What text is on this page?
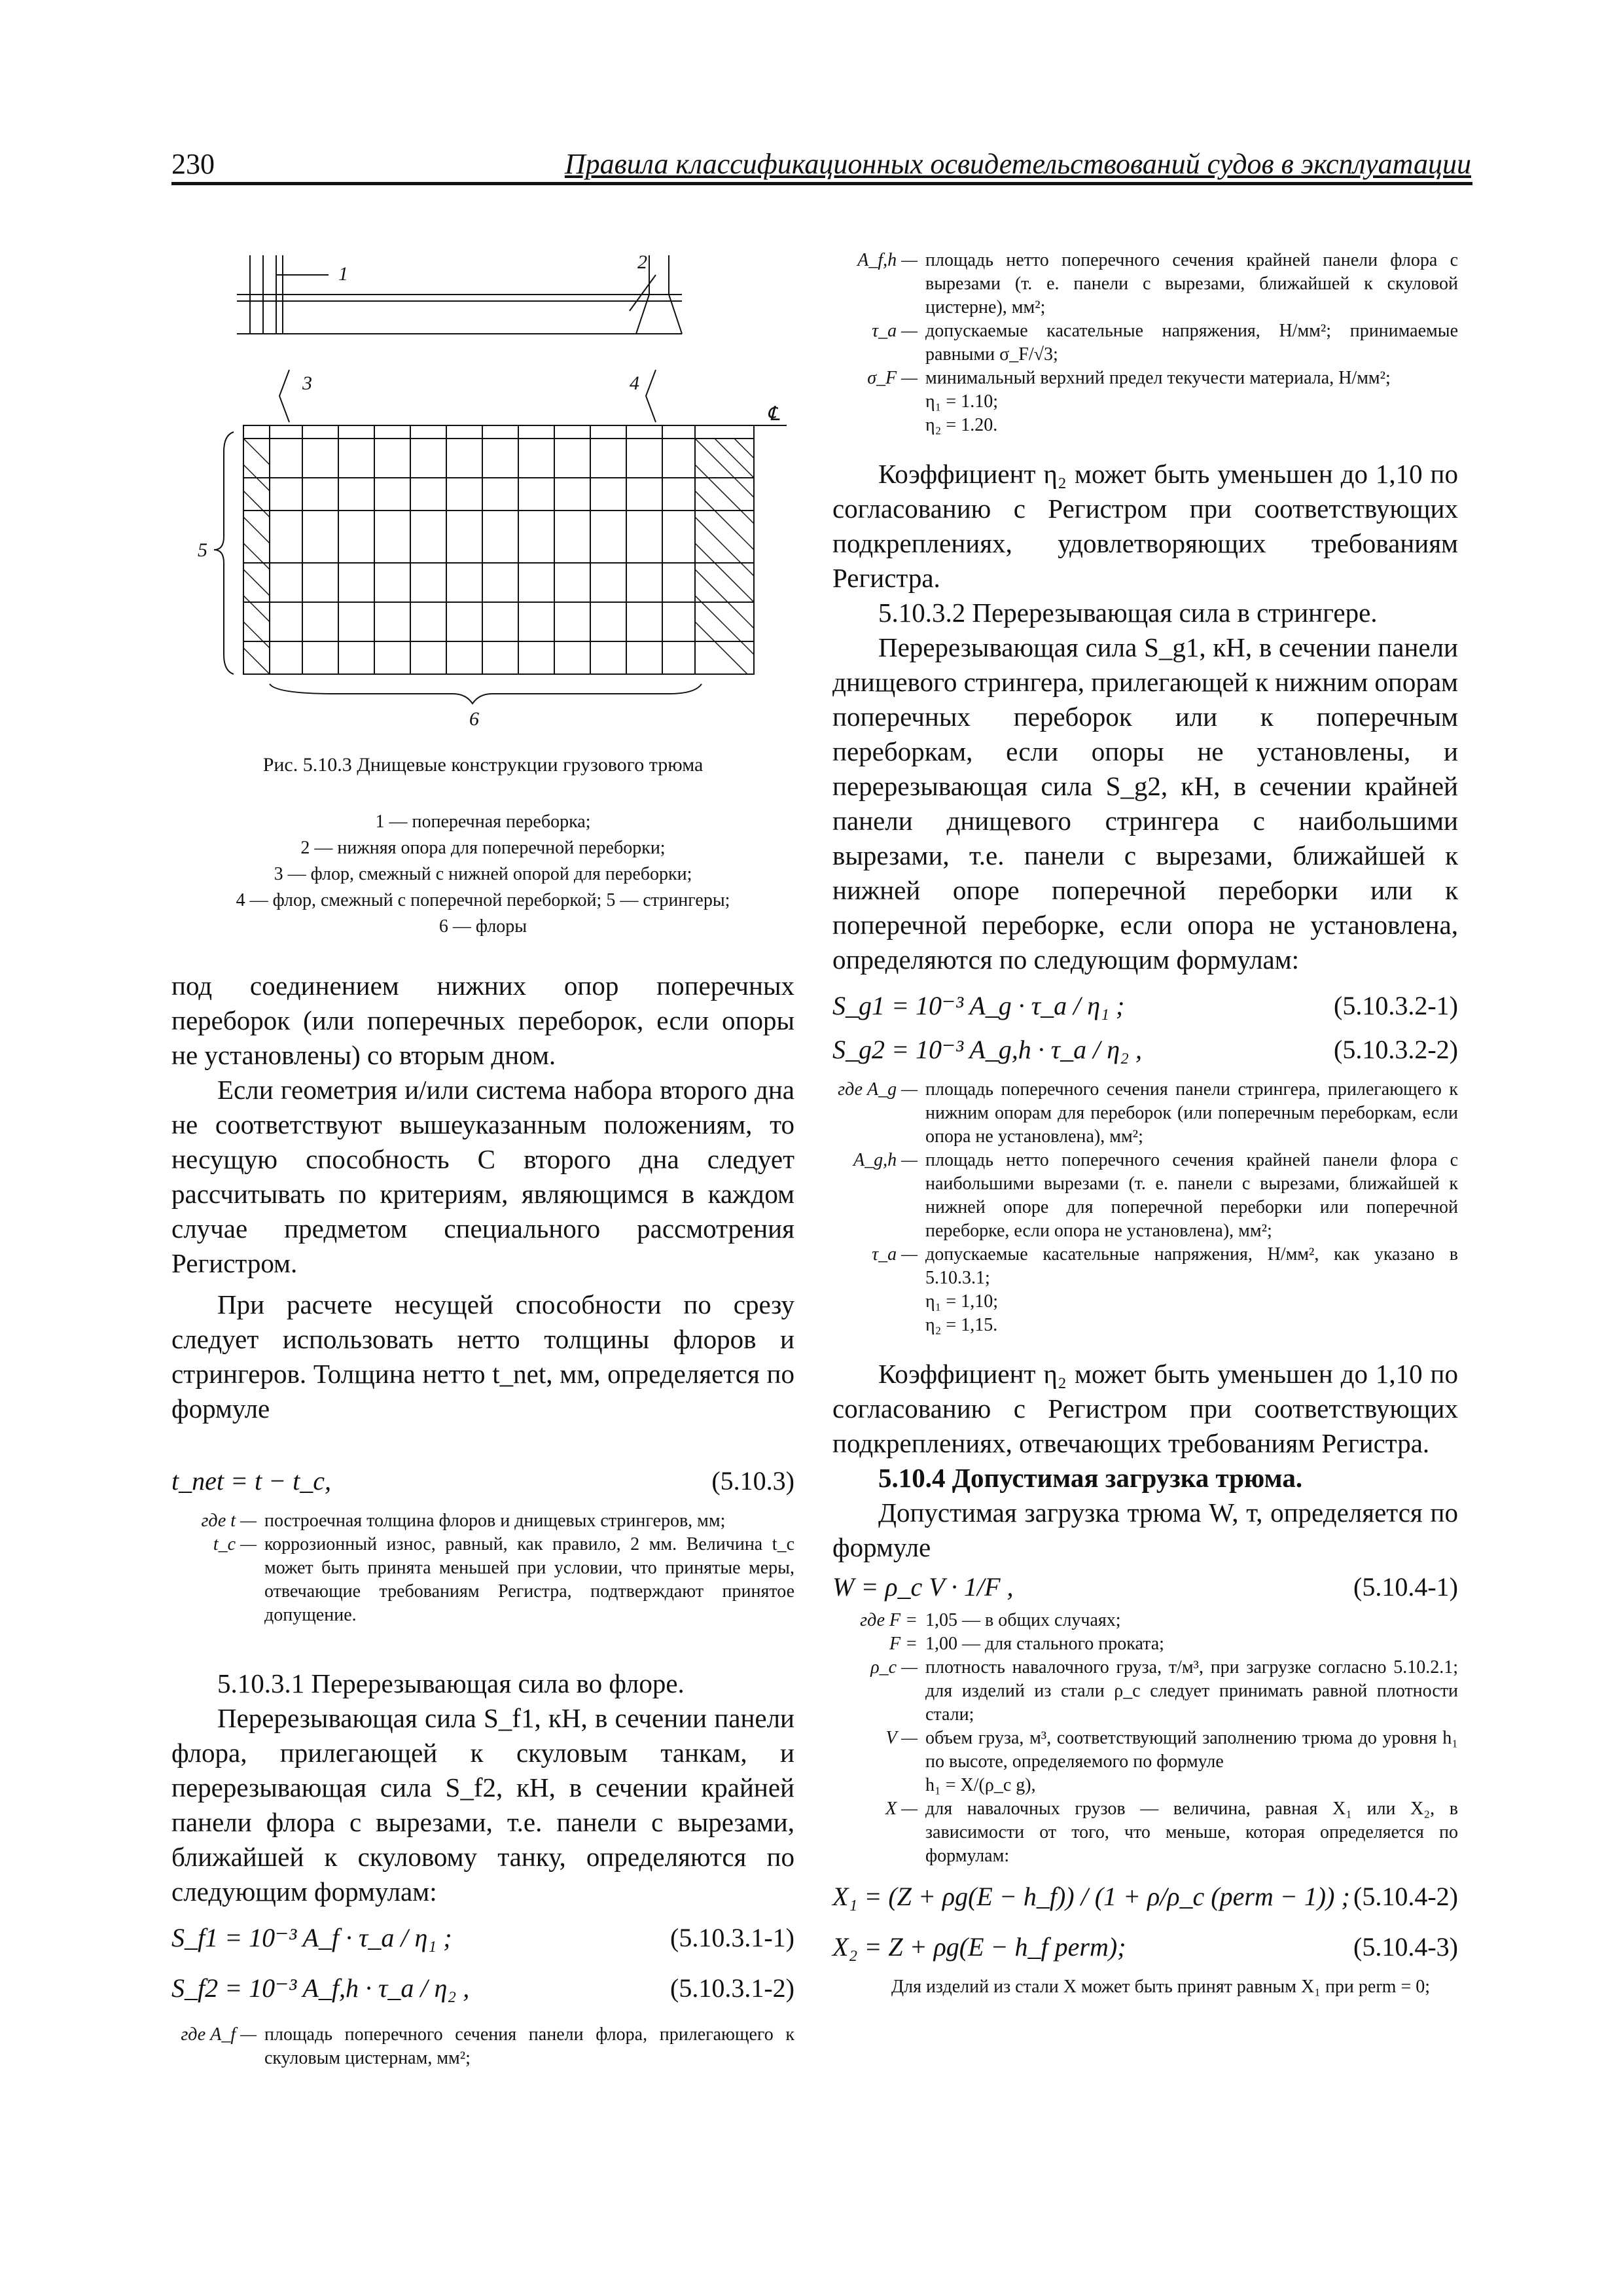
230	Правила классификационных освидетельствований судов в эксплуатации
1
2
3	4
5
6
℄
Рис. 5.10.3 Днищевые конструкции грузового трюма
1 — поперечная переборка;
2 — нижняя опора для поперечной переборки;
3 — флор, смежный с нижней опорой для переборки;
4 — флор, смежный с поперечной переборкой; 5 — стрингеры;
6 — флоры

под соединением нижних опор поперечных переборок (или поперечных переборок, если опоры не установлены) со вторым дном.

Если геометрия и/или система набора второго дна не соответствуют вышеуказанным положениям, то несущую способность C второго дна следует рассчитывать по критериям, являющимся в каждом случае предметом специального рассмотрения Регистром.

При расчете несущей способности по срезу следует использовать нетто толщины флоров и стрингеров. Толщина нетто t_net, мм, определяется по формуле

t_net = t − t_c,	(5.10.3)
где t — построечная толщина флоров и днищевых стрингеров, мм;
t_c — коррозионный износ, равный, как правило, 2 мм. Величина t_c может быть принята меньшей при условии, что принятые меры, отвечающие требованиям Регистра, подтверждают принятое допущение.

5.10.3.1 Перерезывающая сила во флоре.

Перерезывающая сила S_f1, кН, в сечении панели флора, прилегающей к скуловым танкам, и перерезывающая сила S_f2, кН, в сечении крайней панели флора с вырезами, т.е. панели с вырезами, ближайшей к скуловому танку, определяются по следующим формулам:

S_f1 = 10⁻³ A_f · τ_a / η₁ ;	(5.10.3.1-1)
S_f2 = 10⁻³ A_f,h · τ_a / η₂ ,	(5.10.3.1-2)
где A_f — площадь поперечного сечения панели флора, прилегающего к скуловым цистернам, мм²;
A_f,h — площадь нетто поперечного сечения крайней панели флора с вырезами (т. е. панели с вырезами, ближайшей к скуловой цистерне), мм²;
τ_a — допускаемые касательные напряжения, Н/мм²; принимаемые равными σ_F/√3;
σ_F — минимальный верхний предел текучести материала, Н/мм²;
η₁ = 1.10;
η₂ = 1.20.

Коэффициент η₂ может быть уменьшен до 1,10 по согласованию с Регистром при соответствующих подкреплениях, удовлетворяющих требованиям Регистра.

5.10.3.2 Перерезывающая сила в стрингере.

Перерезывающая сила S_g1, кН, в сечении панели днищевого стрингера, прилегающей к нижним опорам поперечных переборок или к поперечным переборкам, если опоры не установлены, и перерезывающая сила S_g2, кН, в сечении крайней панели днищевого стрингера с наибольшими вырезами, т.е. панели с вырезами, ближайшей к нижней опоре поперечной переборки или к поперечной переборке, если опора не установлена, определяются по следующим формулам:

S_g1 = 10⁻³ A_g · τ_a / η₁ ;	(5.10.3.2-1)
S_g2 = 10⁻³ A_g,h · τ_a / η₂ ,	(5.10.3.2-2)
где A_g — площадь поперечного сечения панели стрингера, прилегающего к нижним опорам для переборок (или поперечным переборкам, если опора не установлена), мм²;
A_g,h — площадь нетто поперечного сечения крайней панели флора с наибольшими вырезами (т. е. панели с вырезами, ближайшей к нижней опоре для поперечной переборки или поперечной переборке, если опора не установлена), мм²;
τ_a — допускаемые касательные напряжения, Н/мм², как указано в 5.10.3.1;
η₁ = 1,10;
η₂ = 1,15.

Коэффициент η₂ может быть уменьшен до 1,10 по согласованию с Регистром при соответствующих подкреплениях, отвечающих требованиям Регистра.

5.10.4 Допустимая загрузка трюма.

Допустимая загрузка трюма W, т, определяется по формуле

W = ρ_c V · 1/F ,	(5.10.4-1)
где F = 1,05 — в общих случаях;
F = 1,00 — для стального проката;
ρ_c — плотность навалочного груза, т/м³, при загрузке согласно 5.10.2.1; для изделий из стали ρ_c следует принимать равной плотности стали;
V — объем груза, м³, соответствующий заполнению трюма до уровня h₁ по высоте, определяемого по формуле
h₁ = X/(ρ_c g),
X — для навалочных грузов — величина, равная X₁ или X₂, в зависимости от того, что меньше, которая определяется по формулам:
X₁ = (Z + ρg(E − h_f)) / (1 + ρ/ρ_c (perm − 1)) ; (5.10.4-2)
X₂ = Z + ρg(E − h_f perm);	(5.10.4-3)

Для изделий из стали X может быть принят равным X₁ при perm = 0;
